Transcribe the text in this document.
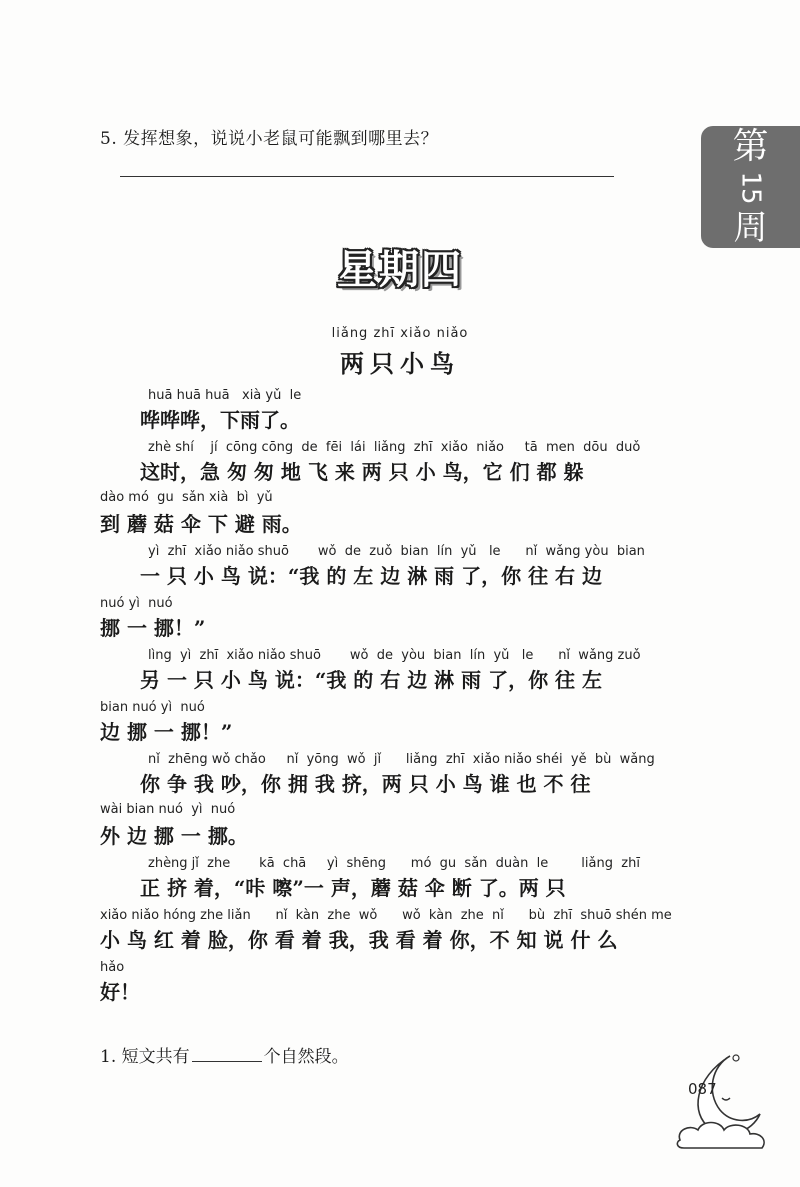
5. 发挥想象，说说小老鼠可能飘到哪里去？	第
15
周
星期四
liǎng zhī xiǎo niǎo
两只小鸟
huā huā huā   xià yǔ  le
哗哗哗，下雨了。
zhè shí    jí  cōng cōng  de  fēi  lái  liǎng  zhī  xiǎo  niǎo     tā  men  dōu  duǒ
这时，急 匆 匆 地 飞 来 两 只 小 鸟，它 们 都 躲
dào mó  gu  sǎn xià  bì  yǔ
到 蘑 菇 伞 下 避 雨。
yì  zhī  xiǎo niǎo shuō       wǒ  de  zuǒ  bian  lín  yǔ   le      nǐ  wǎng yòu  bian
一 只 小 鸟 说：“我 的 左 边 淋 雨 了，你 往 右 边
nuó yì  nuó
挪 一 挪！”
lìng  yì  zhī  xiǎo niǎo shuō       wǒ  de  yòu  bian  lín  yǔ   le      nǐ  wǎng zuǒ
另 一 只 小 鸟 说：“我 的 右 边 淋 雨 了，你 往 左
bian nuó yì  nuó
边 挪 一 挪！”
nǐ  zhēng wǒ chǎo     nǐ  yōng  wǒ  jǐ      liǎng  zhī  xiǎo niǎo shéi  yě  bù  wǎng
你 争 我 吵，你 拥 我 挤，两 只 小 鸟 谁 也 不 往
wài bian nuó  yì  nuó
外 边 挪 一 挪。
zhèng jǐ  zhe       kā  chā     yì  shēng      mó  gu  sǎn  duàn  le        liǎng  zhī
正 挤 着，“咔 嚓”一 声，蘑 菇 伞 断 了。两 只
xiǎo niǎo hóng zhe liǎn      nǐ  kàn  zhe  wǒ      wǒ  kàn  zhe  nǐ      bù  zhī  shuō shén me
小 鸟 红 着 脸，你 看 着 我，我 看 着 你，不 知 说 什 么
hǎo
好！
1. 短文共有	个自然段。
087
